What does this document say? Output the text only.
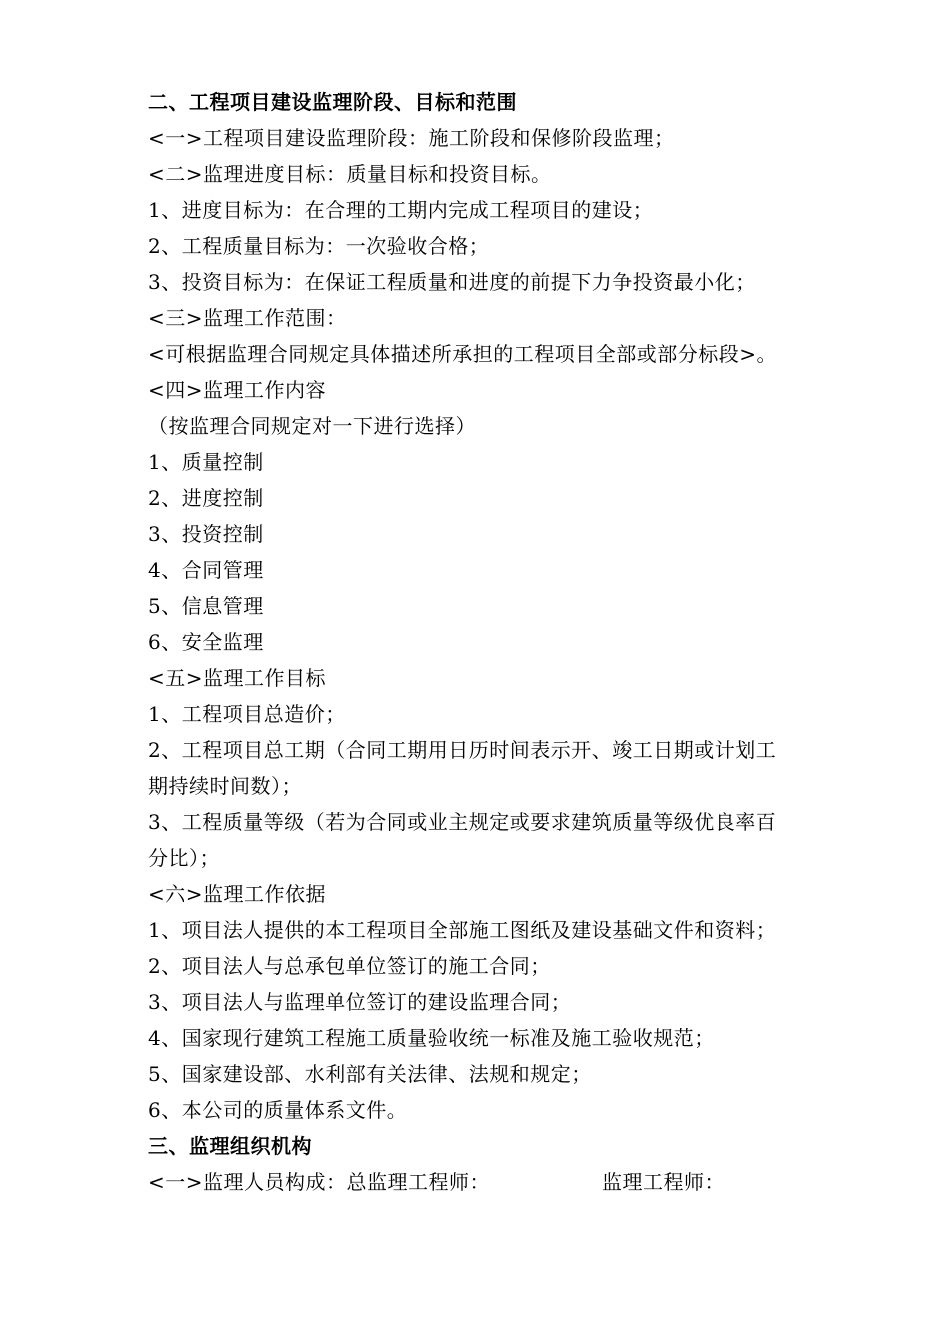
二、工程项目建设监理阶段、目标和范围
<一>工程项目建设监理阶段：施工阶段和保修阶段监理；
<二>监理进度目标：质量目标和投资目标。
1、进度目标为：在合理的工期内完成工程项目的建设；
2、工程质量目标为：一次验收合格；
3、投资目标为：在保证工程质量和进度的前提下力争投资最小化；
<三>监理工作范围：
<可根据监理合同规定具体描述所承担的工程项目全部或部分标段>。
<四>监理工作内容
（按监理合同规定对一下进行选择）
1、质量控制
2、进度控制
3、投资控制
4、合同管理
5、信息管理
6、安全监理
<五>监理工作目标
1、工程项目总造价；
2、工程项目总工期（合同工期用日历时间表示开、竣工日期或计划工
期持续时间数）；
3、工程质量等级（若为合同或业主规定或要求建筑质量等级优良率百
分比）；
<六>监理工作依据
1、项目法人提供的本工程项目全部施工图纸及建设基础文件和资料；
2、项目法人与总承包单位签订的施工合同；
3、项目法人与监理单位签订的建设监理合同；
4、国家现行建筑工程施工质量验收统一标准及施工验收规范；
5、国家建设部、水利部有关法律、法规和规定；
6、本公司的质量体系文件。
三、监理组织机构
<一>监理人员构成：总监理工程师：	监理工程师：
